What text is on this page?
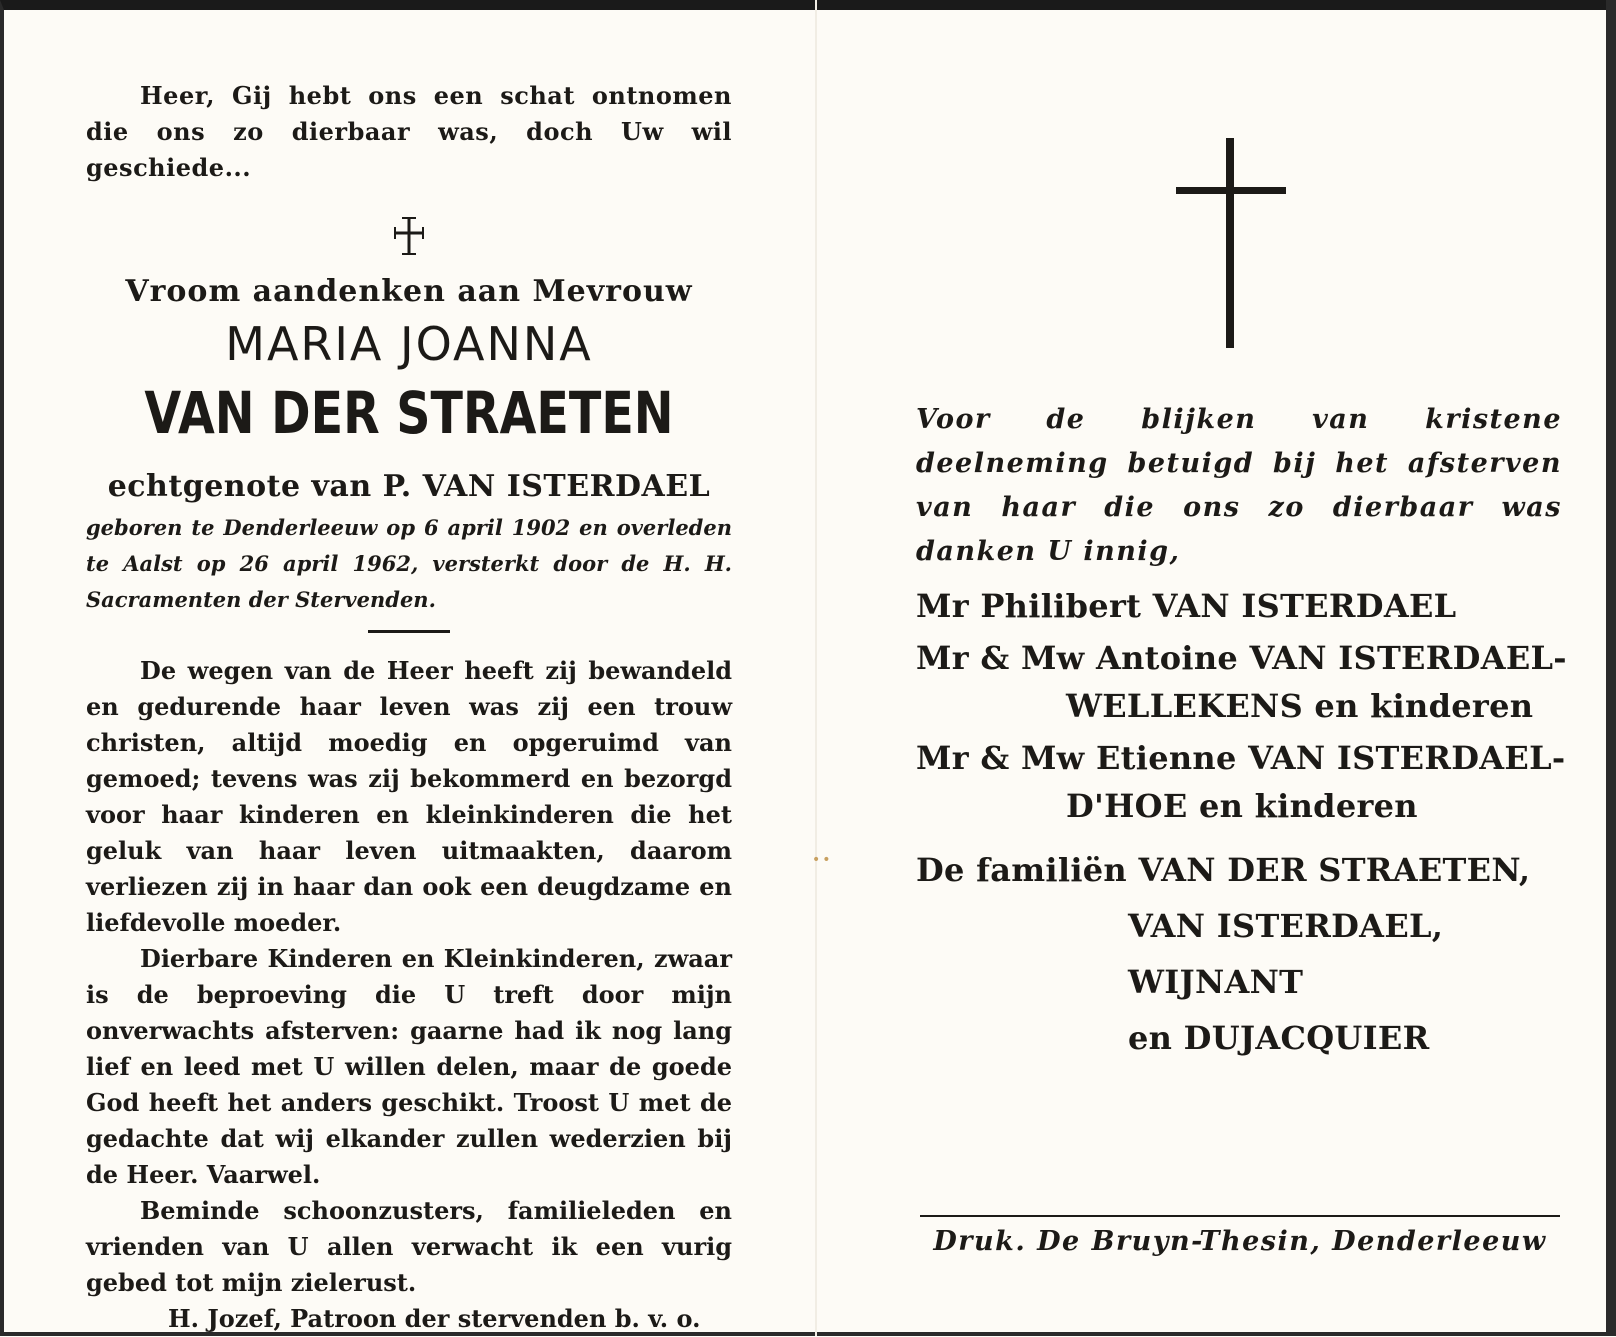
••

Heer, Gij hebt ons een schat ontnomen die ons zo dierbaar was, doch Uw wil geschiede...

Vroom aandenken aan Mevrouw

MARIA JOANNA

VAN DER STRAETEN

echtgenote van P. VAN ISTERDAEL

geboren te Denderleeuw op 6 april 1902 en overleden te Aalst op 26 april 1962, versterkt door de H. H. Sacramenten der Stervenden.

De wegen van de Heer heeft zij bewandeld en gedurende haar leven was zij een trouw christen, altijd moedig en opgeruimd van gemoed; tevens was zij bekommerd en bezorgd voor haar kinderen en kleinkinderen die het geluk van haar leven uitmaakten, daarom verliezen zij in haar dan ook een deugdzame en liefdevolle moeder.

Dierbare Kinderen en Kleinkinderen, zwaar is de beproeving die U treft door mijn onverwachts afsterven: gaarne had ik nog lang lief en leed met U willen delen, maar de goede God heeft het anders geschikt. Troost U met de gedachte dat wij elkander zullen wederzien bij de Heer. Vaarwel.

Beminde schoonzusters, familieleden en vrienden van U allen verwacht ik een vurig gebed tot mijn zielerust.

H. Jozef, Patroon der stervenden b. v. o.

Voor de blijken van kristene deelneming betuigd bij het afsterven van haar die ons zo dierbaar was danken U innig,

Mr Philibert VAN ISTERDAEL

Mr & Mw Antoine VAN ISTERDAEL-

WELLEKENS en kinderen

Mr & Mw Etienne VAN ISTERDAEL-

D'HOE en kinderen

De familiën VAN DER STRAETEN,

VAN ISTERDAEL,

WIJNANT

en DUJACQUIER

Druk. De Bruyn-Thesin, Denderleeuw
